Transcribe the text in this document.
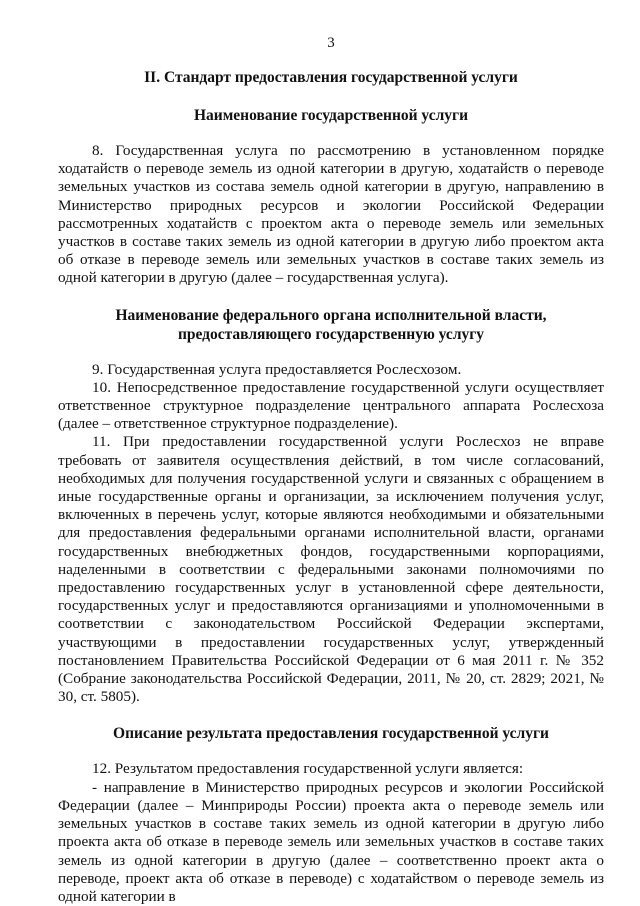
3
II. Стандарт предоставления государственной услуги
Наименование государственной услуги

8. Государственная услуга по рассмотрению в установленном порядке ходатайств о переводе земель из одной категории в другую, ходатайств о переводе земельных участков из состава земель одной категории в другую, направлению в Министерство природных ресурсов и экологии Российской Федерации рассмотренных ходатайств с проектом акта о переводе земель или земельных участков в составе таких земель из одной категории в другую либо проектом акта об отказе в переводе земель или земельных участков в составе таких земель из одной категории в другую (далее – государственная услуга).

Наименование федерального органа исполнительной власти,
предоставляющего государственную услугу

9. Государственная услуга предоставляется Рослесхозом.

10. Непосредственное предоставление государственной услуги осуществляет ответственное структурное подразделение центрального аппарата Рослесхоза (далее – ответственное структурное подразделение).

11. При предоставлении государственной услуги Рослесхоз не вправе требовать от заявителя осуществления действий, в том числе согласований, необходимых для получения государственной услуги и связанных с обращением в иные государственные органы и организации, за исключением получения услуг, включенных в перечень услуг, которые являются необходимыми и обязательными для предоставления федеральными органами исполнительной власти, органами государственных внебюджетных фондов, государственными корпорациями, наделенными в соответствии с федеральными законами полномочиями по предоставлению государственных услуг в установленной сфере деятельности, государственных услуг и предоставляются организациями и уполномоченными в соответствии с законодательством Российской Федерации экспертами, участвующими в предоставлении государственных услуг, утвержденный постановлением Правительства Российской Федерации от 6 мая 2011 г. № 352 (Собрание законодательства Российской Федерации, 2011, № 20, ст. 2829; 2021, № 30, ст. 5805).

Описание результата предоставления государственной услуги

12. Результатом предоставления государственной услуги является:

- направление в Министерство природных ресурсов и экологии Российской Федерации (далее – Минприроды России) проекта акта о переводе земель или земельных участков в составе таких земель из одной категории в другую либо проекта акта об отказе в переводе земель или земельных участков в составе таких земель из одной категории в другую (далее – соответственно проект акта о переводе, проект акта об отказе в переводе) с ходатайством о переводе земель из одной категории в
